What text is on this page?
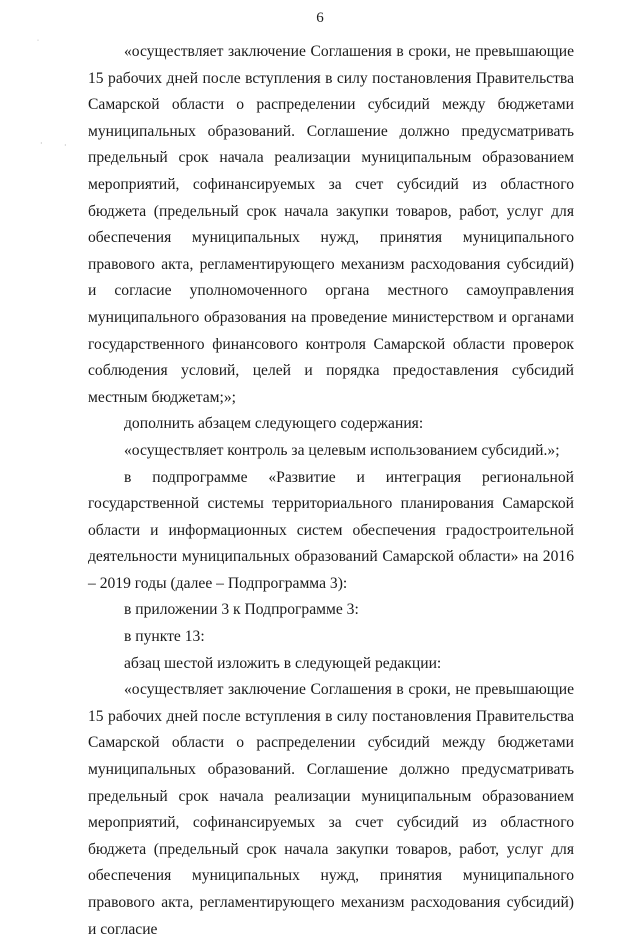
6

«осуществляет заключение Соглашения в сроки, не превышающие 15 рабочих дней после вступления в силу постановления Правительства Самарской области о распределении субсидий между бюджетами муниципальных образований. Соглашение должно предусматривать предельный срок начала реализации муниципальным образованием мероприятий, софинансируемых за счет субсидий из областного бюджета (предельный срок начала закупки товаров, работ, услуг для обеспечения муниципальных нужд, принятия муниципального правового акта, регламентирующего механизм расходования субсидий) и согласие уполномоченного органа местного самоуправления муниципального образования на проведение министерством и органами государственного финансового контроля Самарской области проверок соблюдения условий, целей и порядка предоставления субсидий местным бюджетам;»;

дополнить абзацем следующего содержания:

«осуществляет контроль за целевым использованием субсидий.»;

в подпрограмме «Развитие и интеграция региональной государственной системы территориального планирования Самарской области и информационных систем обеспечения градостроительной деятельности муниципальных образований Самарской области» на 2016 – 2019 годы (далее – Подпрограмма 3):

в приложении 3 к Подпрограмме 3:

в пункте 13:

абзац шестой изложить в следующей редакции:

«осуществляет заключение Соглашения в сроки, не превышающие 15 рабочих дней после вступления в силу постановления Правительства Самарской области о распределении субсидий между бюджетами муниципальных образований. Соглашение должно предусматривать предельный срок начала реализации муниципальным образованием мероприятий, софинансируемых за счет субсидий из областного бюджета (предельный срок начала закупки товаров, работ, услуг для обеспечения муниципальных нужд, принятия муниципального правового акта, регламентирующего механизм расходования субсидий) и согласие

˙
·	·
